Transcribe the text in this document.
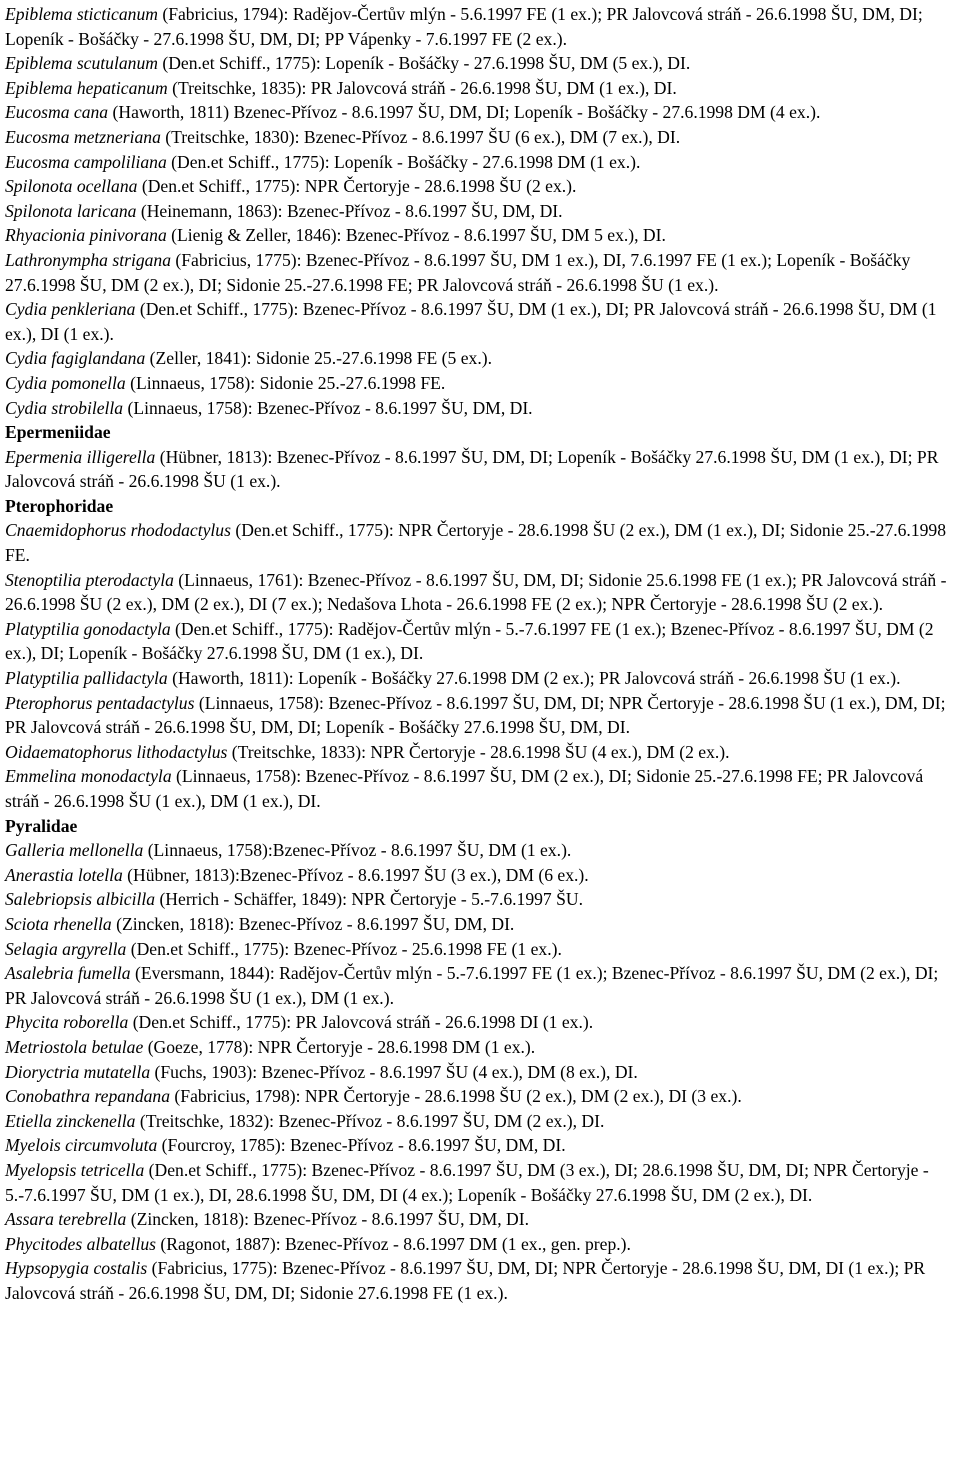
Epiblema sticticanum (Fabricius, 1794): Radějov-Čertův mlýn - 5.6.1997 FE (1 ex.); PR Jalovcová stráň - 26.6.1998 ŠU, DM, DI; Lopeník - Bošáčky - 27.6.1998 ŠU, DM, DI; PP Vápenky - 7.6.1997 FE (2 ex.).

Epiblema scutulanum (Den.et Schiff., 1775): Lopeník - Bošáčky - 27.6.1998 ŠU, DM (5 ex.), DI.

Epiblema hepaticanum (Treitschke, 1835): PR Jalovcová stráň - 26.6.1998 ŠU, DM (1 ex.), DI.

Eucosma cana (Haworth, 1811) Bzenec-Přívoz - 8.6.1997 ŠU, DM, DI; Lopeník - Bošáčky - 27.6.1998 DM (4 ex.).

Eucosma metzneriana (Treitschke, 1830): Bzenec-Přívoz - 8.6.1997 ŠU (6 ex.), DM (7 ex.), DI.

Eucosma campoliliana (Den.et Schiff., 1775): Lopeník - Bošáčky - 27.6.1998 DM (1 ex.).

Spilonota ocellana (Den.et Schiff., 1775): NPR Čertoryje - 28.6.1998 ŠU (2 ex.).

Spilonota laricana (Heinemann, 1863): Bzenec-Přívoz - 8.6.1997 ŠU, DM, DI.

Rhyacionia pinivorana (Lienig & Zeller, 1846): Bzenec-Přívoz - 8.6.1997 ŠU, DM 5 ex.), DI.

Lathronympha strigana (Fabricius, 1775): Bzenec-Přívoz - 8.6.1997 ŠU, DM 1 ex.), DI, 7.6.1997 FE (1 ex.); Lopeník - Bošáčky 27.6.1998 ŠU, DM (2 ex.), DI; Sidonie 25.-27.6.1998 FE; PR Jalovcová stráň - 26.6.1998 ŠU (1 ex.).

Cydia penkleriana (Den.et Schiff., 1775): Bzenec-Přívoz - 8.6.1997 ŠU, DM (1 ex.), DI; PR Jalovcová stráň - 26.6.1998 ŠU, DM (1 ex.), DI (1 ex.).

Cydia fagiglandana (Zeller, 1841): Sidonie 25.-27.6.1998 FE (5 ex.).

Cydia pomonella (Linnaeus, 1758): Sidonie 25.-27.6.1998 FE.

Cydia strobilella (Linnaeus, 1758): Bzenec-Přívoz - 8.6.1997 ŠU, DM, DI.

Epermeniidae

Epermenia illigerella (Hübner, 1813): Bzenec-Přívoz - 8.6.1997 ŠU, DM, DI; Lopeník - Bošáčky 27.6.1998 ŠU, DM (1 ex.), DI; PR Jalovcová stráň - 26.6.1998 ŠU (1 ex.).

Pterophoridae

Cnaemidophorus rhododactylus (Den.et Schiff., 1775): NPR Čertoryje - 28.6.1998 ŠU (2 ex.), DM (1 ex.), DI; Sidonie 25.-27.6.1998 FE.

Stenoptilia pterodactyla (Linnaeus, 1761): Bzenec-Přívoz - 8.6.1997 ŠU, DM, DI; Sidonie 25.6.1998 FE (1 ex.); PR Jalovcová stráň - 26.6.1998 ŠU (2 ex.), DM (2 ex.), DI (7 ex.); Nedašova Lhota - 26.6.1998 FE (2 ex.); NPR Čertoryje - 28.6.1998 ŠU (2 ex.).

Platyptilia gonodactyla (Den.et Schiff., 1775): Radějov-Čertův mlýn - 5.-7.6.1997 FE (1 ex.); Bzenec-Přívoz - 8.6.1997 ŠU, DM (2 ex.), DI; Lopeník - Bošáčky 27.6.1998 ŠU, DM (1 ex.), DI.

Platyptilia pallidactyla (Haworth, 1811): Lopeník - Bošáčky 27.6.1998 DM (2 ex.); PR Jalovcová stráň - 26.6.1998 ŠU (1 ex.).

Pterophorus pentadactylus (Linnaeus, 1758): Bzenec-Přívoz - 8.6.1997 ŠU, DM, DI; NPR Čertoryje - 28.6.1998 ŠU (1 ex.), DM, DI; PR Jalovcová stráň - 26.6.1998 ŠU, DM, DI; Lopeník - Bošáčky 27.6.1998 ŠU, DM, DI.

Oidaematophorus lithodactylus (Treitschke, 1833): NPR Čertoryje - 28.6.1998 ŠU (4 ex.), DM (2 ex.).

Emmelina monodactyla (Linnaeus, 1758): Bzenec-Přívoz - 8.6.1997 ŠU, DM (2 ex.), DI; Sidonie 25.-27.6.1998 FE; PR Jalovcová stráň - 26.6.1998 ŠU (1 ex.), DM (1 ex.), DI.

Pyralidae

Galleria mellonella (Linnaeus, 1758):Bzenec-Přívoz - 8.6.1997 ŠU, DM (1 ex.).

Anerastia lotella (Hübner, 1813):Bzenec-Přívoz - 8.6.1997 ŠU (3 ex.), DM (6 ex.).

Salebriopsis albicilla (Herrich - Schäffer, 1849): NPR Čertoryje - 5.-7.6.1997 ŠU.

Sciota rhenella (Zincken, 1818): Bzenec-Přívoz - 8.6.1997 ŠU, DM, DI.

Selagia argyrella (Den.et Schiff., 1775): Bzenec-Přívoz - 25.6.1998 FE (1 ex.).

Asalebria fumella (Eversmann, 1844): Radějov-Čertův mlýn - 5.-7.6.1997 FE (1 ex.); Bzenec-Přívoz - 8.6.1997 ŠU, DM (2 ex.), DI; PR Jalovcová stráň - 26.6.1998 ŠU (1 ex.), DM (1 ex.).

Phycita roborella (Den.et Schiff., 1775): PR Jalovcová stráň - 26.6.1998 DI (1 ex.).

Metriostola betulae (Goeze, 1778): NPR Čertoryje - 28.6.1998 DM (1 ex.).

Dioryctria mutatella (Fuchs, 1903): Bzenec-Přívoz - 8.6.1997 ŠU (4 ex.), DM (8 ex.), DI.

Conobathra repandana (Fabricius, 1798): NPR Čertoryje - 28.6.1998 ŠU (2 ex.), DM (2 ex.), DI (3 ex.).

Etiella zinckenella (Treitschke, 1832): Bzenec-Přívoz - 8.6.1997 ŠU, DM (2 ex.), DI.

Myelois circumvoluta (Fourcroy, 1785): Bzenec-Přívoz - 8.6.1997 ŠU, DM, DI.

Myelopsis tetricella (Den.et Schiff., 1775): Bzenec-Přívoz - 8.6.1997 ŠU, DM (3 ex.), DI; 28.6.1998 ŠU, DM, DI; NPR Čertoryje - 5.-7.6.1997 ŠU, DM (1 ex.), DI, 28.6.1998 ŠU, DM, DI (4 ex.); Lopeník - Bošáčky 27.6.1998 ŠU, DM (2 ex.), DI.

Assara terebrella (Zincken, 1818): Bzenec-Přívoz - 8.6.1997 ŠU, DM, DI.

Phycitodes albatellus (Ragonot, 1887): Bzenec-Přívoz - 8.6.1997 DM (1 ex., gen. prep.).

Hypsopygia costalis (Fabricius, 1775): Bzenec-Přívoz - 8.6.1997 ŠU, DM, DI; NPR Čertoryje - 28.6.1998 ŠU, DM, DI (1 ex.); PR Jalovcová stráň - 26.6.1998 ŠU, DM, DI; Sidonie 27.6.1998 FE (1 ex.).
